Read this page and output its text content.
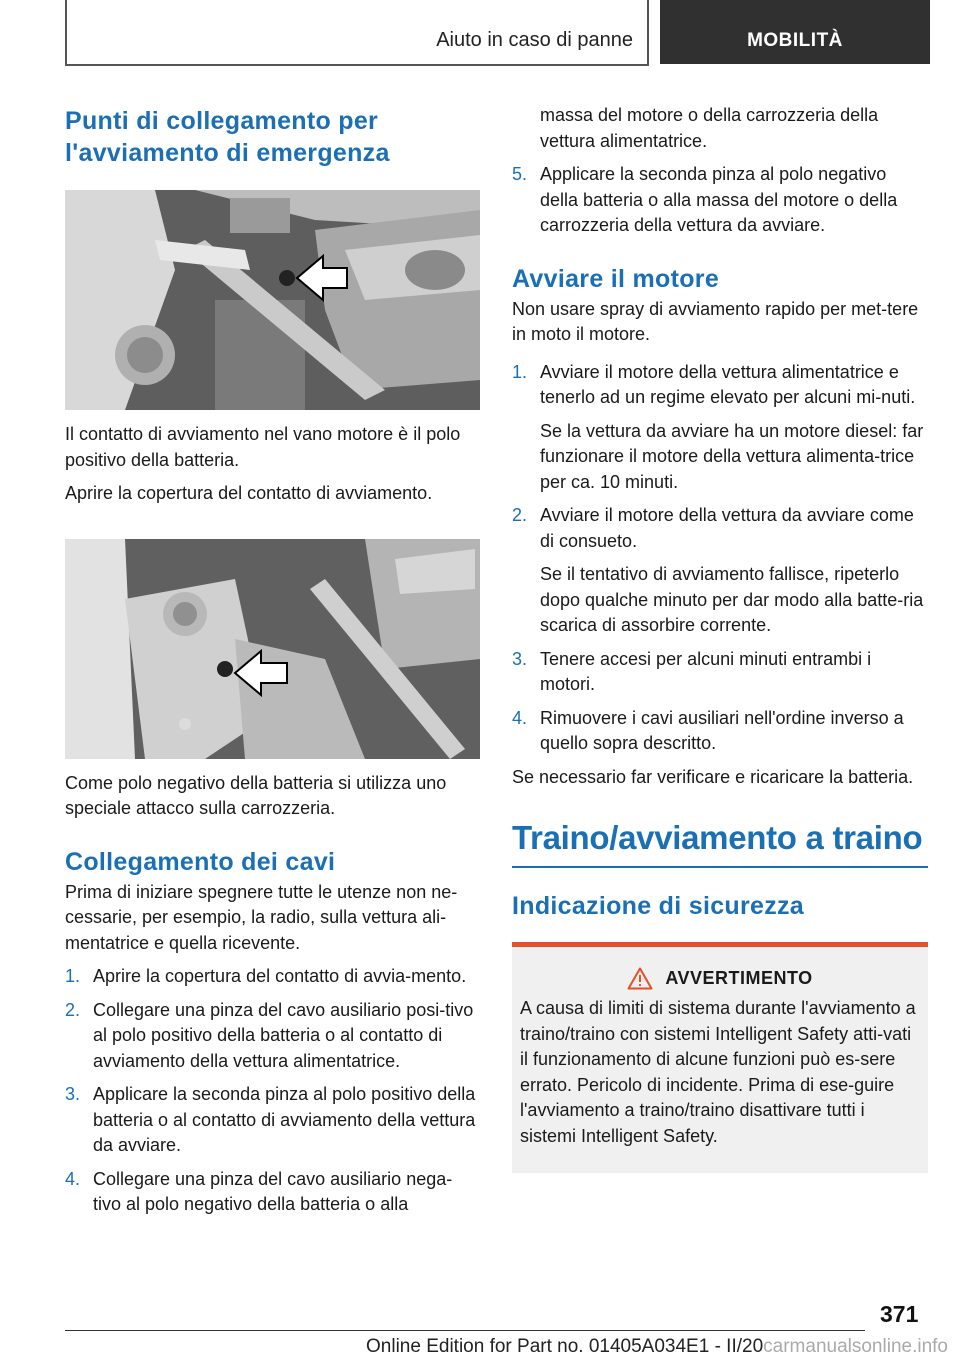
Aiuto in caso di panne	MOBILITÀ
Punti di collegamento per
l'avviamento di emergenza

Il contatto di avviamento nel vano motore è il polo positivo della batteria.

Aprire la copertura del contatto di avviamento.

Come polo negativo della batteria si utilizza uno speciale attacco sulla carrozzeria.

Collegamento dei cavi

Prima di iniziare spegnere tutte le utenze non ne-cessarie, per esempio, la radio, sulla vettura ali-mentatrice e quella ricevente.

1. Aprire la copertura del contatto di avvia-mento.
2. Collegare una pinza del cavo ausiliario posi-tivo al polo positivo della batteria o al contatto di avviamento della vettura alimentatrice.
3. Applicare la seconda pinza al polo positivo della batteria o al contatto di avviamento della vettura da avviare.
4. Collegare una pinza del cavo ausiliario nega-tivo al polo negativo della batteria o alla
massa del motore o della carrozzeria della vettura alimentatrice.
5. Applicare la seconda pinza al polo negativo della batteria o alla massa del motore o della carrozzeria della vettura da avviare.
Avviare il motore

Non usare spray di avviamento rapido per met-tere in moto il motore.

1. Avviare il motore della vettura alimentatrice e tenerlo ad un regime elevato per alcuni mi-nuti.
Se la vettura da avviare ha un motore diesel: far funzionare il motore della vettura alimenta-trice per ca. 10 minuti.
2. Avviare il motore della vettura da avviare come di consueto.
Se il tentativo di avviamento fallisce, ripeterlo dopo qualche minuto per dar modo alla batte-ria scarica di assorbire corrente.
3. Tenere accesi per alcuni minuti entrambi i motori.
4. Rimuovere i cavi ausiliari nell'ordine inverso a quello sopra descritto.

Se necessario far verificare e ricaricare la batteria.

Traino/avviamento a traino
Indicazione di sicurezza
AVVERTIMENTO
A causa di limiti di sistema durante l'avviamento a traino/traino con sistemi Intelligent Safety atti-vati il funzionamento di alcune funzioni può es-sere errato. Pericolo di incidente. Prima di ese-guire l'avviamento a traino/traino disattivare tutti i sistemi Intelligent Safety.
371
Online Edition for Part no. 01405A034E1 - II/20carmanualsonline.info
